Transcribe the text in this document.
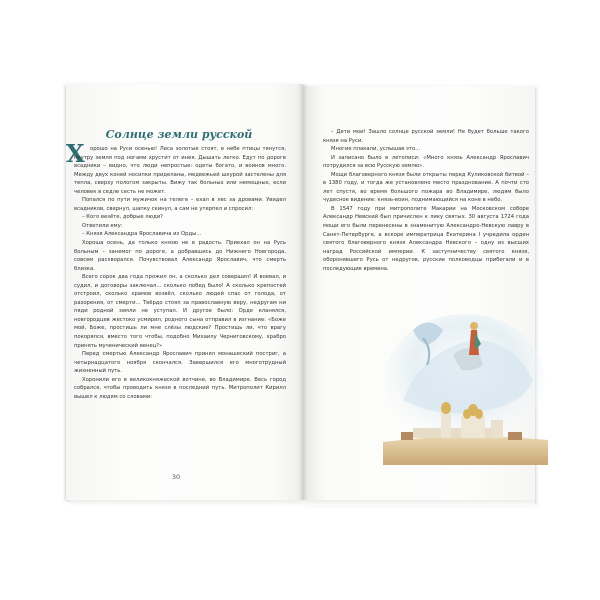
Солнце земли русской
Х	орошо на Руси осенью! Леса золотые стоят, в небе птицы тянутся, поутру земля под ногами хрустит от инея. Дышать легко. Едут по дороге всадники – видно, что люди непростые: одеты богато, и воинов много. Между двух коней носилки приделаны, медвежьей шкурой застелены для тепла, сверху пологом закрыты. Вижу так больных или немощных, если человек в седле сесть не может.

Попался по пути мужичок на телеге – ехал в лес за дровами. Увидел всадников, свернул, шапку скинул, а сам не утерпел и спросил:

– Кого везёте, добрые люди?

Ответили ему:

– Князя Александра Ярославича из Орды...

Хороша осень, да только князю не в радость. Приехал он на Русь больным – занемог по дороге, а добравшись до Нижнего Новгорода, совсем расхворался. Почувствовал Александр Ярославич, что смерть близка.

Всего сорок два года прожил он, а сколько дел совершил! И воевал, и судил, и договоры заключал... сколько побед было! А сколько крепостей отстроил, сколько храмов возвёл, сколько людей спас от голода, от разорения, от смерти... Твёрдо стоял за православную веру, недругам ни пяди родной земли не уступал. И другое было: Орде кланялся, новгородцев жестоко усмирил, родного сына отправил в изгнание: «Боже мой, Боже, простишь ли мне слёзы людские? Простишь ли, что врагу покорялся, вместо того чтобы, подобно Михаилу Черниговскому, храбро принять мученический венец?»

Перед смертью Александр Ярославич принял монашеский постриг, а четырнадцатого ноября скончался. Завершился его многотрудный жизненный путь.

Хоронили его в великокняжеской вотчине, во Владимире. Весь город собрался, чтобы проводить князя в последний путь. Митрополит Кирилл вышел к людям со словами:

30

– Дети мои! Зашло солнце русской земли! Не будет больше такого князя на Руси.

Многие плакали, услышав это...

И записано было в летописи: «Много князь Александр Ярославич потрудился за всю Русскую землю».

Мощи благоверного князя были открыты перед Куликовской битвой – в 1380 году, и тогда же установлено место празднование. А почти сто лет спустя, во время большого пожара во Владимире, людям было чудесное видение: князь-воин, поднимающийся на коне в небо.

В 1547 году при митрополите Макарии на Московском соборе Александр Невский был причислен к лику святых. 30 августа 1724 года мощи его были перенесены в знаменитую Александро-Невскую лавру в Санкт-Петербурге, а вскоре императрица Екатерина I учредила орден святого благоверного князя Александра Невского – одну из высших наград Российской империи. К заступничеству святого князя, оборонявшего Русь от недругов, русские полководцы прибегали и в последующие времена.
